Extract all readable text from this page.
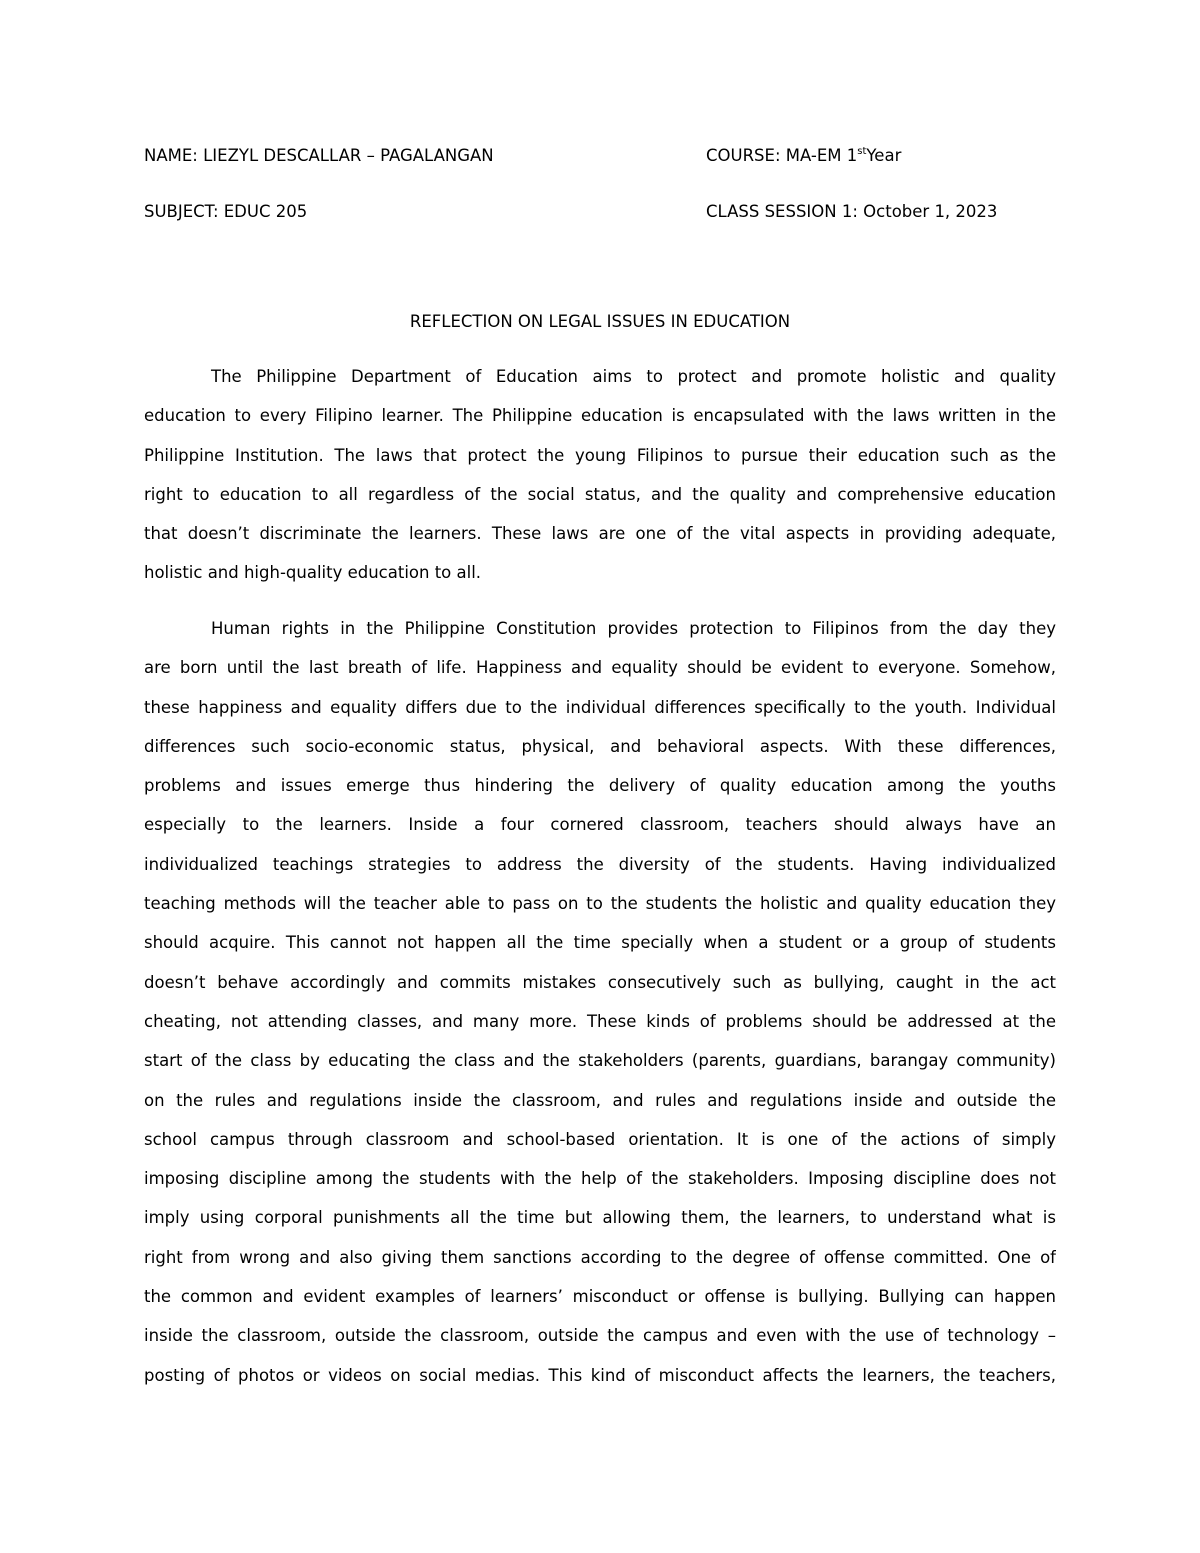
NAME: LIEZYL DESCALLAR – PAGALANGAN	COURSE: MA-EM 1stYear
SUBJECT: EDUC 205	CLASS SESSION 1: October 1, 2023
REFLECTION ON LEGAL ISSUES IN EDUCATION
The Philippine Department of Education aims to protect and promote holistic and quality
education to every Filipino learner. The Philippine education is encapsulated with the laws written in the
Philippine Institution. The laws that protect the young Filipinos to pursue their education such as the
right to education to all regardless of the social status, and the quality and comprehensive education
that doesn’t discriminate the learners. These laws are one of the vital aspects in providing adequate,
holistic and high-quality education to all.
Human rights in the Philippine Constitution provides protection to Filipinos from the day they
are born until the last breath of life. Happiness and equality should be evident to everyone. Somehow,
these happiness and equality differs due to the individual differences specifically to the youth. Individual
differences such socio-economic status, physical, and behavioral aspects. With these differences,
problems and issues emerge thus hindering the delivery of quality education among the youths
especially to the learners. Inside a four cornered classroom, teachers should always have an
individualized teachings strategies to address the diversity of the students. Having individualized
teaching methods will the teacher able to pass on to the students the holistic and quality education they
should acquire. This cannot not happen all the time specially when a student or a group of students
doesn’t behave accordingly and commits mistakes consecutively such as bullying, caught in the act
cheating, not attending classes, and many more. These kinds of problems should be addressed at the
start of the class by educating the class and the stakeholders (parents, guardians, barangay community)
on the rules and regulations inside the classroom, and rules and regulations inside and outside the
school campus through classroom and school-based orientation. It is one of the actions of simply
imposing discipline among the students with the help of the stakeholders. Imposing discipline does not
imply using corporal punishments all the time but allowing them, the learners, to understand what is
right from wrong and also giving them sanctions according to the degree of offense committed. One of
the common and evident examples of learners’ misconduct or offense is bullying. Bullying can happen
inside the classroom, outside the classroom, outside the campus and even with the use of technology –
posting of photos or videos on social medias. This kind of misconduct affects the learners, the teachers,
